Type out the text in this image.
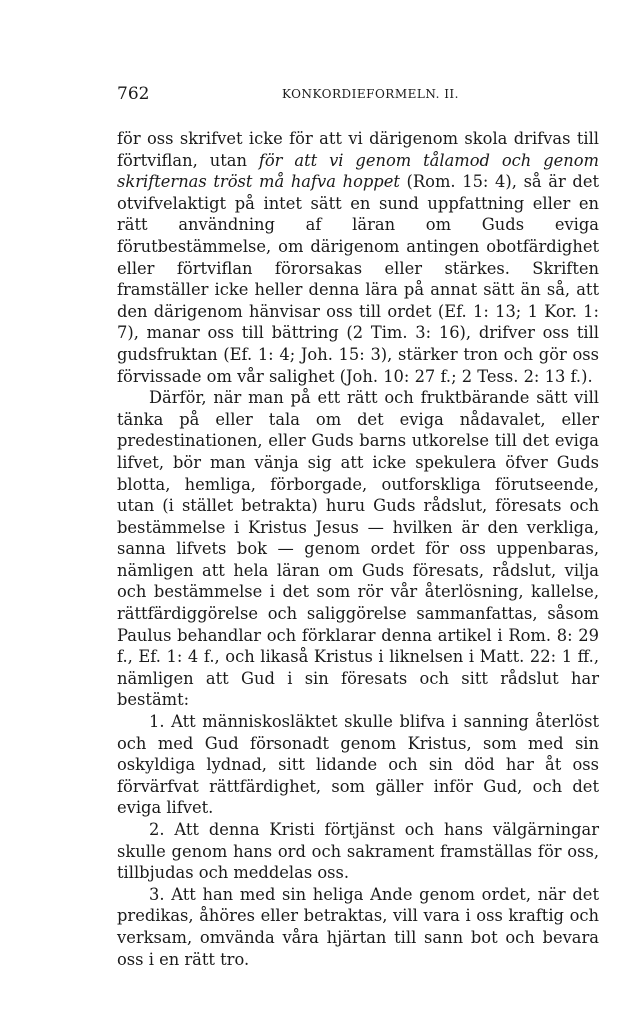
762	KONKORDIEFORMELN. II.

för oss skrifvet icke för att vi därigenom skola drifvas till förtviflan, utan för att vi genom tålamod och genom skrifternas tröst må hafva hoppet (Rom. 15: 4), så är det otvifvelaktigt på intet sätt en sund uppfattning eller en rätt användning af läran om Guds eviga förutbestämmelse, om därigenom antingen obotfärdighet eller förtviflan förorsakas eller stärkes. Skriften framställer icke heller denna lära på annat sätt än så, att den därigenom hänvisar oss till ordet (Ef. 1: 13; 1 Kor. 1: 7), manar oss till bättring (2 Tim. 3: 16), drifver oss till gudsfruktan (Ef. 1: 4; Joh. 15: 3), stärker tron och gör oss förvissade om vår salighet (Joh. 10: 27 f.; 2 Tess. 2: 13 f.).

Därför, när man på ett rätt och fruktbärande sätt vill tänka på eller tala om det eviga nådavalet, eller predestinationen, eller Guds barns utkorelse till det eviga lifvet, bör man vänja sig att icke spekulera öfver Guds blotta, hemliga, förborgade, outforskliga förutseende, utan (i stället betrakta) huru Guds rådslut, föresats och bestämmelse i Kristus Jesus — hvilken är den verkliga, sanna lifvets bok — genom ordet för oss uppenbaras, nämligen att hela läran om Guds föresats, rådslut, vilja och bestämmelse i det som rör vår återlösning, kallelse, rättfärdiggörelse och saliggörelse sammanfattas, såsom Paulus behandlar och förklarar denna artikel i Rom. 8: 29 f., Ef. 1: 4 f., och likaså Kristus i liknelsen i Matt. 22: 1 ff., nämligen att Gud i sin föresats och sitt rådslut har bestämt:

1. Att människosläktet skulle blifva i sanning återlöst och med Gud försonadt genom Kristus, som med sin oskyldiga lydnad, sitt lidande och sin död har åt oss förvärfvat rättfärdighet, som gäller inför Gud, och det eviga lifvet.

2. Att denna Kristi förtjänst och hans välgärningar skulle genom hans ord och sakrament framställas för oss, tillbjudas och meddelas oss.

3. Att han med sin heliga Ande genom ordet, när det predikas, åhöres eller betraktas, vill vara i oss kraftig och verksam, omvända våra hjärtan till sann bot och bevara oss i en rätt tro.
